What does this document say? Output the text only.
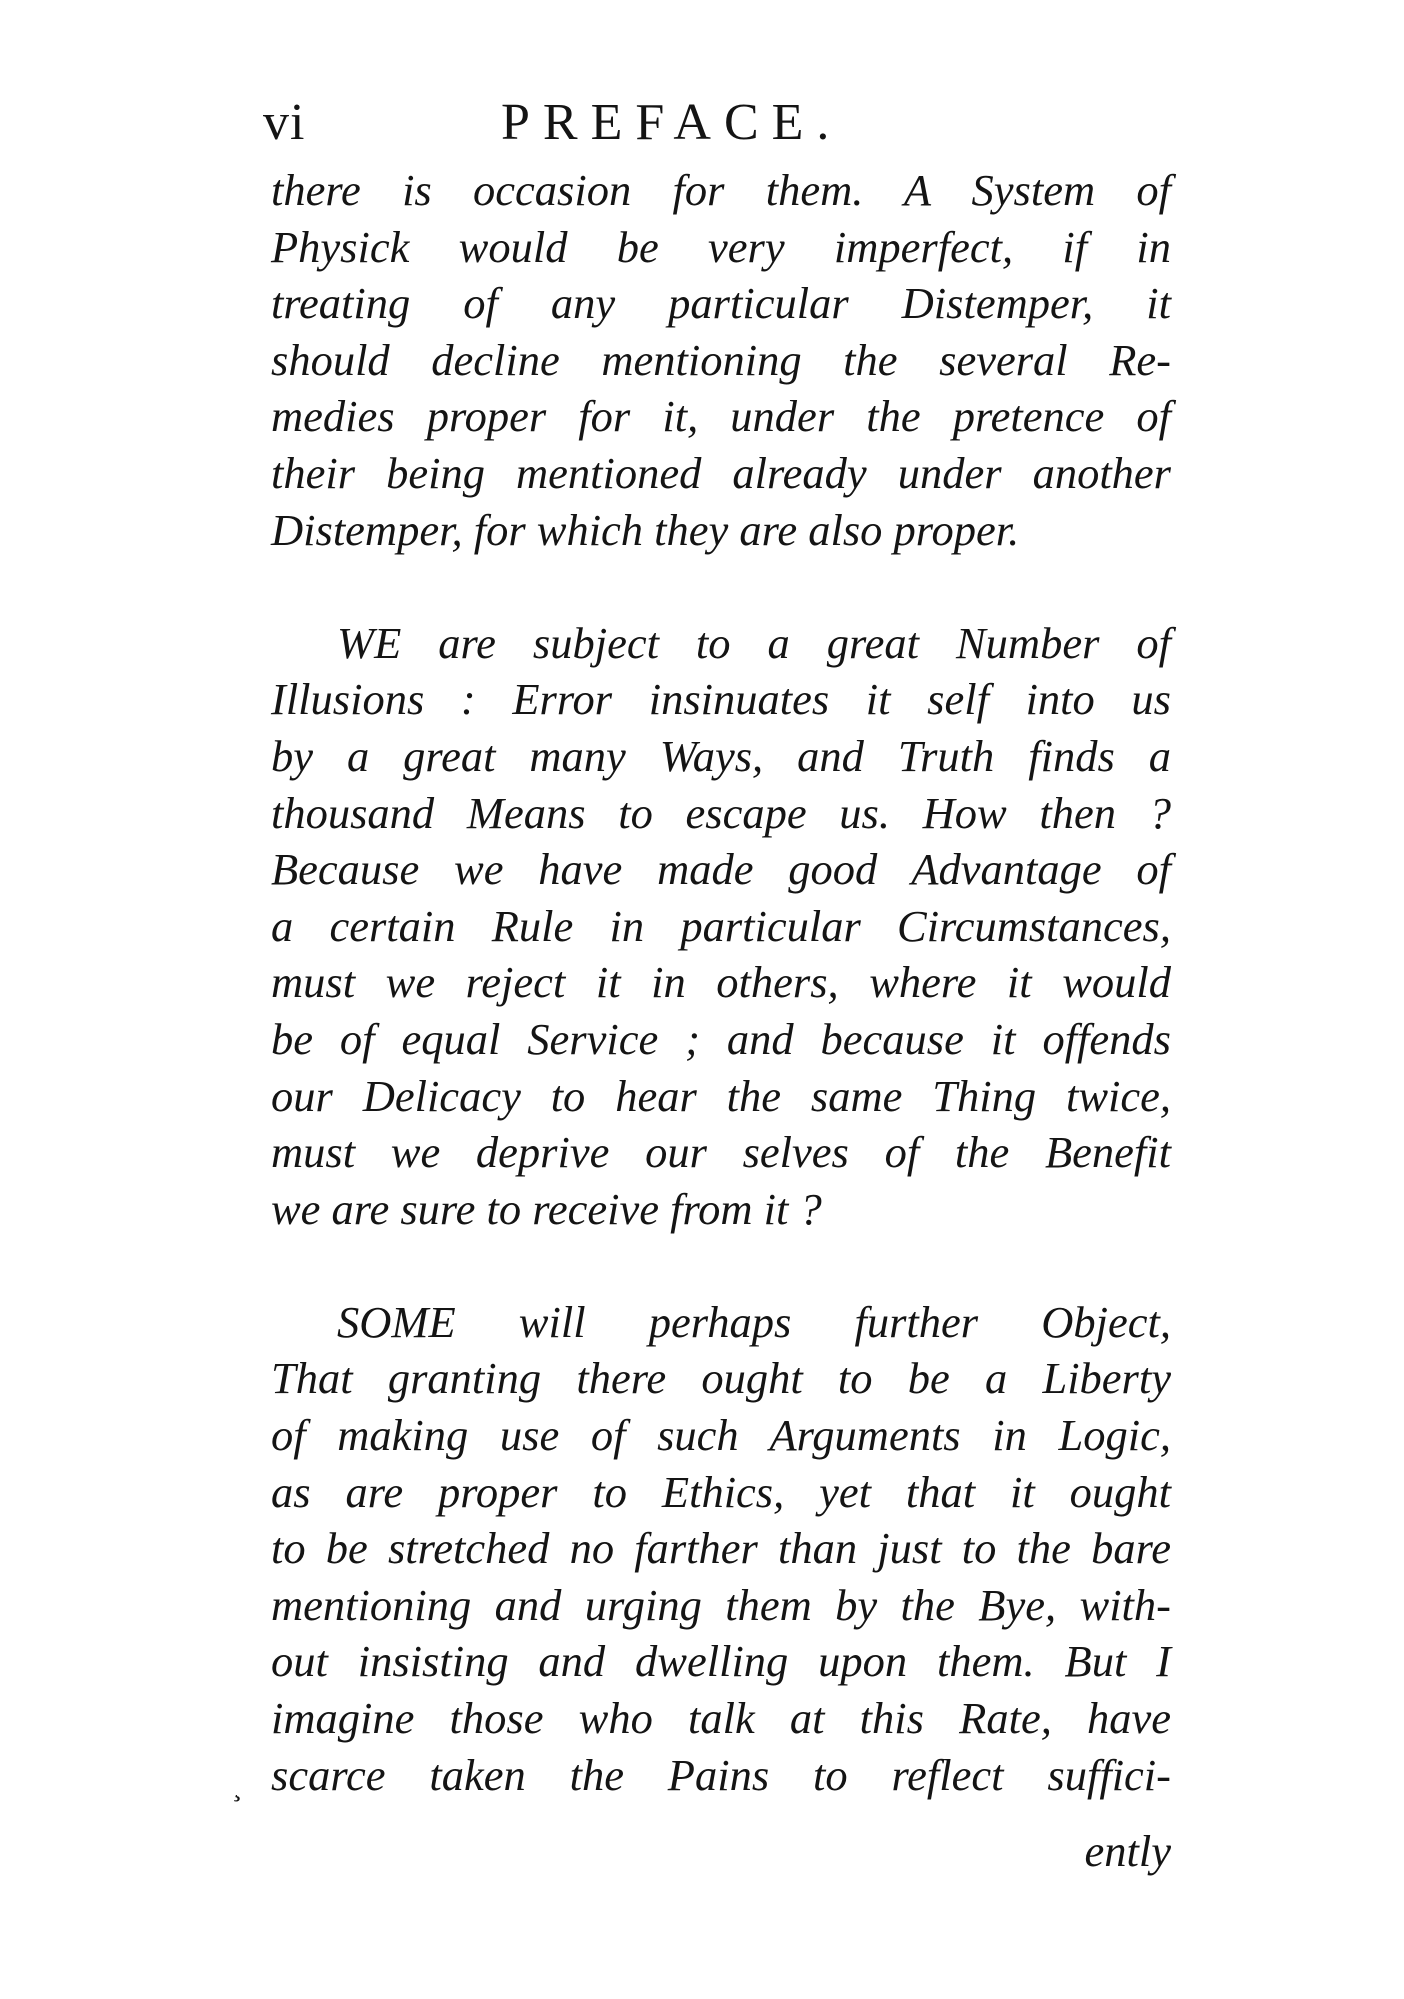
vi	PREFACE.
there is occasion for them. A System of
Physick would be very imperfect, if in
treating of any particular Distemper, it
should decline mentioning the several Re-
medies proper for it, under the pretence of
their being mentioned already under another
Distemper, for which they are also proper.
WE are subject to a great Number of
Illusions : Error insinuates it self into us
by a great many Ways, and Truth finds a
thousand Means to escape us. How then ?
Because we have made good Advantage of
a certain Rule in particular Circumstances,
must we reject it in others, where it would
be of equal Service ; and because it offends
our Delicacy to hear the same Thing twice,
must we deprive our selves of the Benefit
we are sure to receive from it ?
SOME will perhaps further Object,
That granting there ought to be a Liberty
of making use of such Arguments in Logic,
as are proper to Ethics, yet that it ought
to be stretched no farther than just to the bare
mentioning and urging them by the Bye, with-
out insisting and dwelling upon them. But I
imagine those who talk at this Rate, have
scarce taken the Pains to reflect suffici-
¸
ently
